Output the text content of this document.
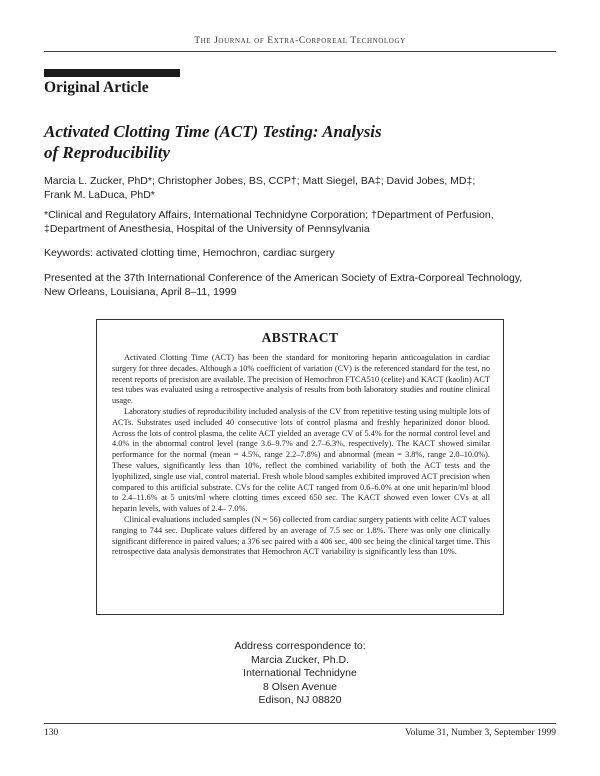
The Journal of Extra-Corporeal Technology
Original Article
Activated Clotting Time (ACT) Testing: Analysis
of Reproducibility
Marcia L. Zucker, PhD*; Christopher Jobes, BS, CCP†; Matt Siegel, BA‡; David Jobes, MD‡;
Frank M. LaDuca, PhD*
*Clinical and Regulatory Affairs, International Technidyne Corporation; †Department of Perfusion,
‡Department of Anesthesia, Hospital of the University of Pennsylvania
Keywords: activated clotting time, Hemochron, cardiac surgery
Presented at the 37th International Conference of the American Society of Extra-Corporeal Technology,
New Orleans, Louisiana, April 8–11, 1999
ABSTRACT

Activated Clotting Time (ACT) has been the standard for monitoring heparin anticoagulation in cardiac surgery for three decades. Although a 10% coefficient of variation (CV) is the referenced standard for the test, no recent reports of precision are available. The precision of Hemochron FTCA510 (celite) and KACT (kaolin) ACT test tubes was evaluated using a retrospective analysis of results from both laboratory studies and routine clinical usage.

Laboratory studies of reproducibility included analysis of the CV from repetitive testing using multiple lots of ACTs. Substrates used included 40 consecutive lots of control plasma and freshly heparinized donor blood. Across the lots of control plasma, the celite ACT yielded an average CV of 5.4% for the normal control level and 4.0% in the abnormal control level (range 3.6–9.7% and 2.7–6.3%, respectively). The KACT showed similar performance for the normal (mean = 4.5%, range 2.2–7.8%) and abnormal (mean = 3.8%, range 2.0–10.0%). These values, significantly less than 10%, reflect the combined variability of both the ACT tests and the lyophilized, single use vial, control material. Fresh whole blood samples exhibited improved ACT precision when compared to this artificial substrate. CVs for the celite ACT ranged from 0.6–6.0% at one unit heparin/ml blood to 2.4–11.6% at 5 units/ml where clotting times exceed 650 sec. The KACT showed even lower CVs at all heparin levels, with values of 2.4– 7.0%.

Clinical evaluations included samples (N = 56) collected from cardiac surgery patients with celite ACT values ranging to 744 sec. Duplicate values differed by an average of 7.5 sec or 1.8%. There was only one clinically significant difference in paired values; a 376 sec paired with a 406 sec, 400 sec being the clinical target time. This retrospective data analysis demonstrates that Hemochron ACT variability is significantly less than 10%.

Address correspondence to:
Marcia Zucker, Ph.D.
International Technidyne
8 Olsen Avenue
Edison, NJ 08820
130	Volume 31, Number 3, September 1999
